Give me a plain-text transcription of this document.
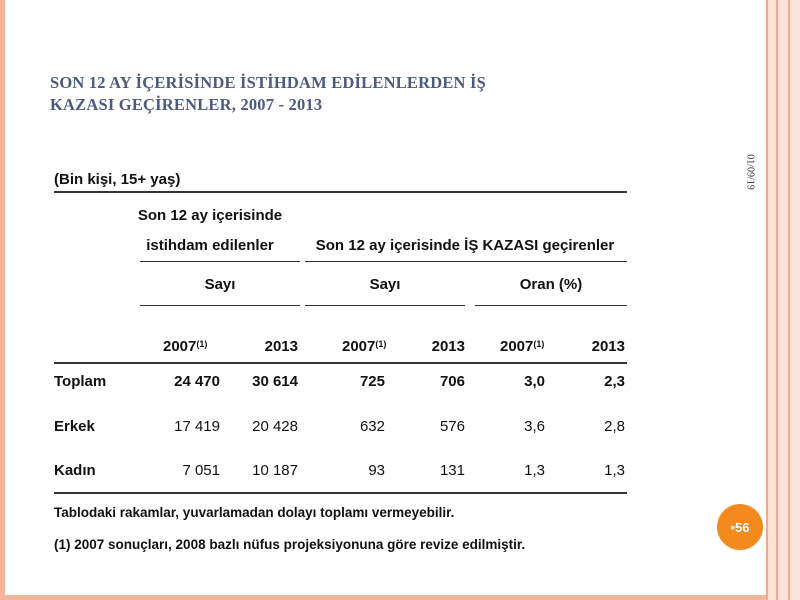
01/09/19
•56
SON 12 AY İÇERİSİNDE İSTİHDAM EDİLENLERDEN İŞ
KAZASI GEÇİRENLER, 2007 - 2013
(Bin kişi, 15+ yaş)
Son 12 ay içerisinde
istihdam edilenler	Son 12 ay içerisinde İŞ KAZASI geçirenler
Sayı	Sayı	Oran (%)
2007$^{(1)}$	2013	2007$^{(1)}$	2013 2007$^{(1)}$	2013
Toplam	24 470	30 614	725	706	3,0	2,3
Erkek	17 419	20 428	632	576	3,6	2,8
Kadın	7 051	10 187	93	131	1,3	1,3
Tablodaki rakamlar, yuvarlamadan dolayı toplamı vermeyebilir.
(1) 2007 sonuçları, 2008 bazlı nüfus projeksiyonuna göre revize edilmiştir.
